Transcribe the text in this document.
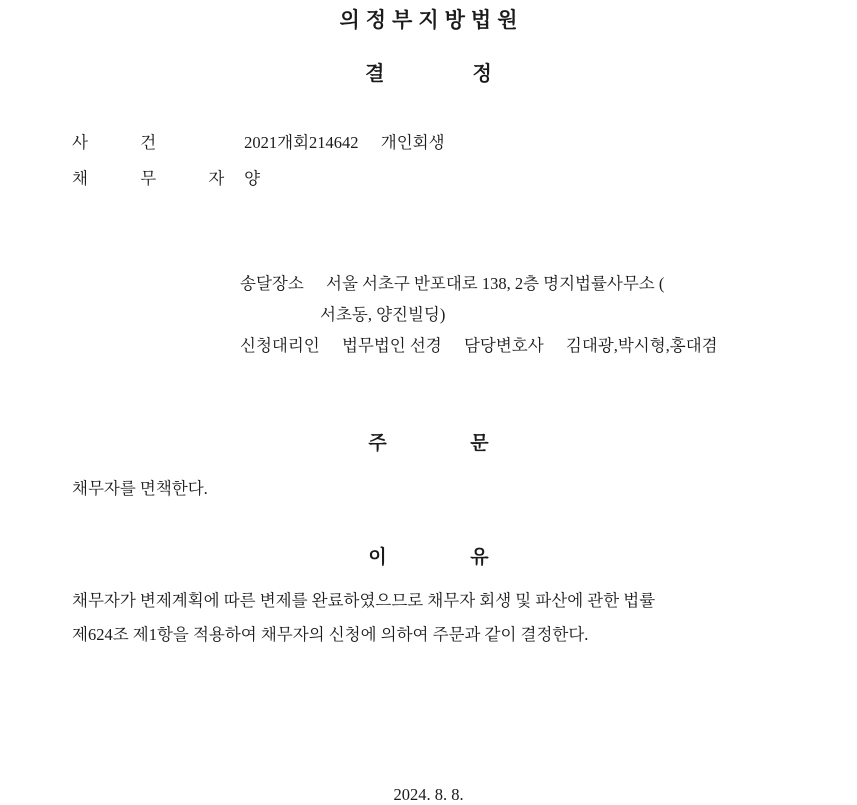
의정부지방법원
결	정
사	건	2021개회214642 개인회생
채	무	자 양
송달장소 서울 서초구 반포대로 138, 2층 명지법률사무소 (
서초동, 양진빌딩)
신청대리인 법무법인 선경 담당변호사 김대광,박시형,홍대겸
주	문
채무자를 면책한다.
이	유
채무자가 변제계획에 따른 변제를 완료하였으므로 채무자 회생 및 파산에 관한 법률
제624조 제1항을 적용하여 채무자의 신청에 의하여 주문과 같이 결정한다.
2024. 8. 8.
